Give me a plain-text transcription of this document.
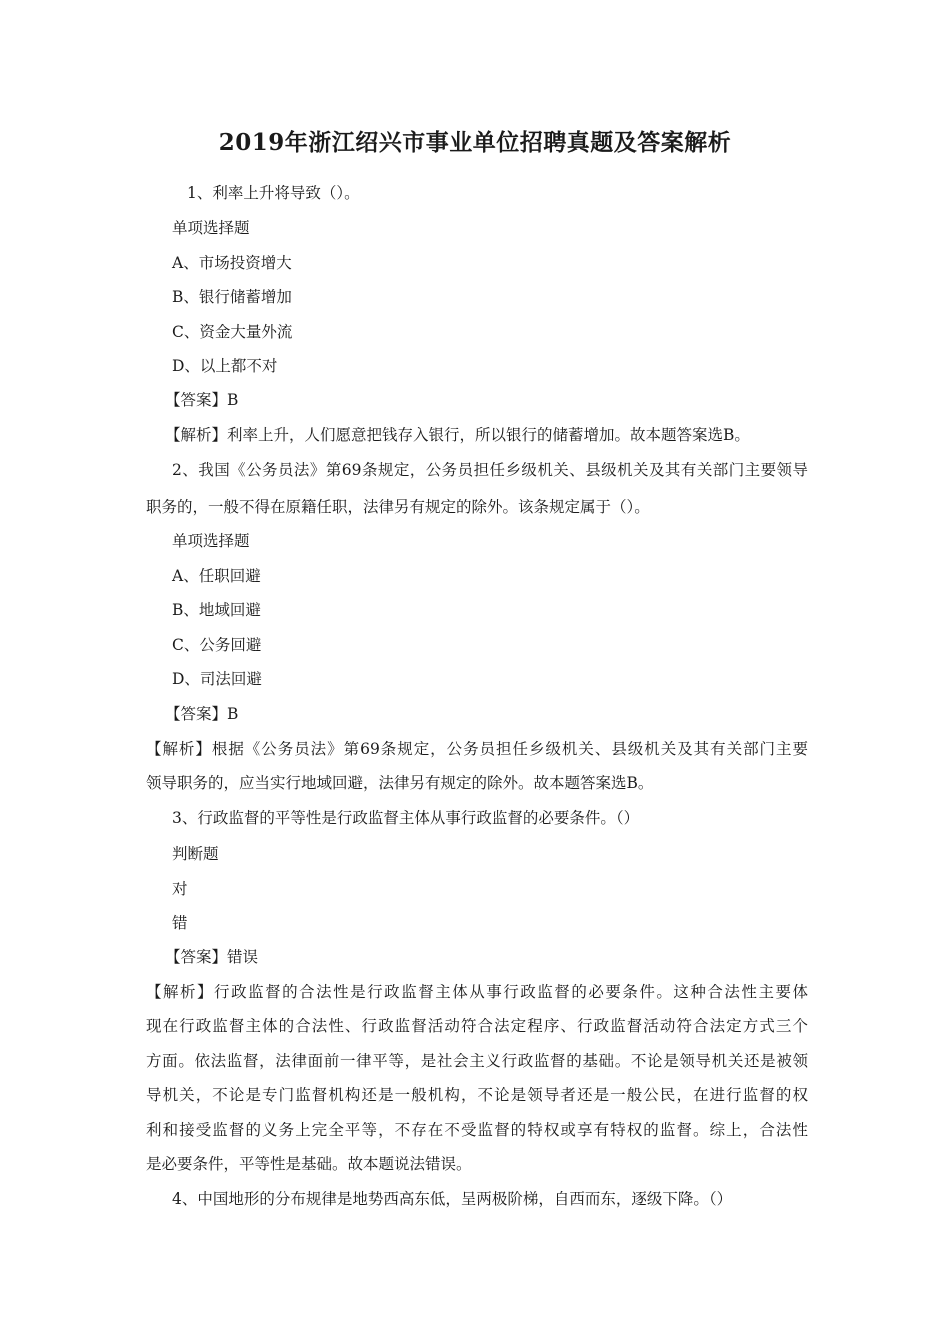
2019年浙江绍兴市事业单位招聘真题及答案解析
1、利率上升将导致（）。
单项选择题
A、市场投资增大
B、银行储蓄增加
C、资金大量外流
D、以上都不对
【答案】B
【解析】利率上升，人们愿意把钱存入银行，所以银行的储蓄增加。故本题答案选B。
2、我国《公务员法》第69条规定，公务员担任乡级机关、县级机关及其有关部门主要领导
职务的，一般不得在原籍任职，法律另有规定的除外。该条规定属于（）。
单项选择题
A、任职回避
B、地域回避
C、公务回避
D、司法回避
【答案】B
【解析】根据《公务员法》第69条规定，公务员担任乡级机关、县级机关及其有关部门主要
领导职务的，应当实行地域回避，法律另有规定的除外。故本题答案选B。
3、行政监督的平等性是行政监督主体从事行政监督的必要条件。（）
判断题
对
错
【答案】错误
【解析】行政监督的合法性是行政监督主体从事行政监督的必要条件。这种合法性主要体
现在行政监督主体的合法性、行政监督活动符合法定程序、行政监督活动符合法定方式三个
方面。依法监督，法律面前一律平等，是社会主义行政监督的基础。不论是领导机关还是被领
导机关，不论是专门监督机构还是一般机构，不论是领导者还是一般公民，在进行监督的权
利和接受监督的义务上完全平等，不存在不受监督的特权或享有特权的监督。综上，合法性
是必要条件，平等性是基础。故本题说法错误。
4、中国地形的分布规律是地势西高东低，呈两极阶梯，自西而东，逐级下降。（）
